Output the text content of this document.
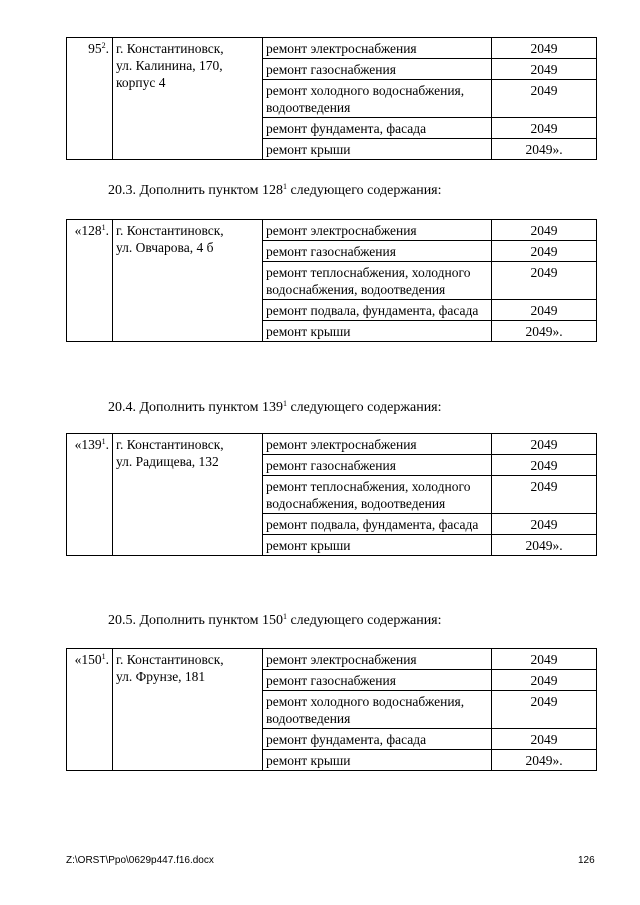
$95^2$.	г. Константиновск,
ул. Калинина, 170,
корпус 4	ремонт электроснабжения	2049
		ремонт газоснабжения	2049
		ремонт холодного водоснабжения, водоотведения	2049
		ремонт фундамента, фасада	2049
		ремонт крыши	2049».
20.3. Дополнить пунктом $128^1$ следующего содержания:
«$128^1$.	г. Константиновск,
ул. Овчарова, 4 б	ремонт электроснабжения	2049
		ремонт газоснабжения	2049
		ремонт теплоснабжения, холодного водоснабжения, водоотведения	2049
		ремонт подвала, фундамента, фасада	2049
		ремонт крыши	2049».
20.4. Дополнить пунктом $139^1$ следующего содержания:
«$139^1$.	г. Константиновск,
ул. Радищева, 132	ремонт электроснабжения	2049
		ремонт газоснабжения	2049
		ремонт теплоснабжения, холодного водоснабжения, водоотведения	2049
		ремонт подвала, фундамента, фасада	2049
		ремонт крыши	2049».
20.5. Дополнить пунктом $150^1$ следующего содержания:
«$150^1$.	г. Константиновск,
ул. Фрунзе, 181	ремонт электроснабжения	2049
		ремонт газоснабжения	2049
		ремонт холодного водоснабжения, водоотведения	2049
		ремонт фундамента, фасада	2049
		ремонт крыши	2049».
Z:\ORST\Ppo\0629p447.f16.docx	126
